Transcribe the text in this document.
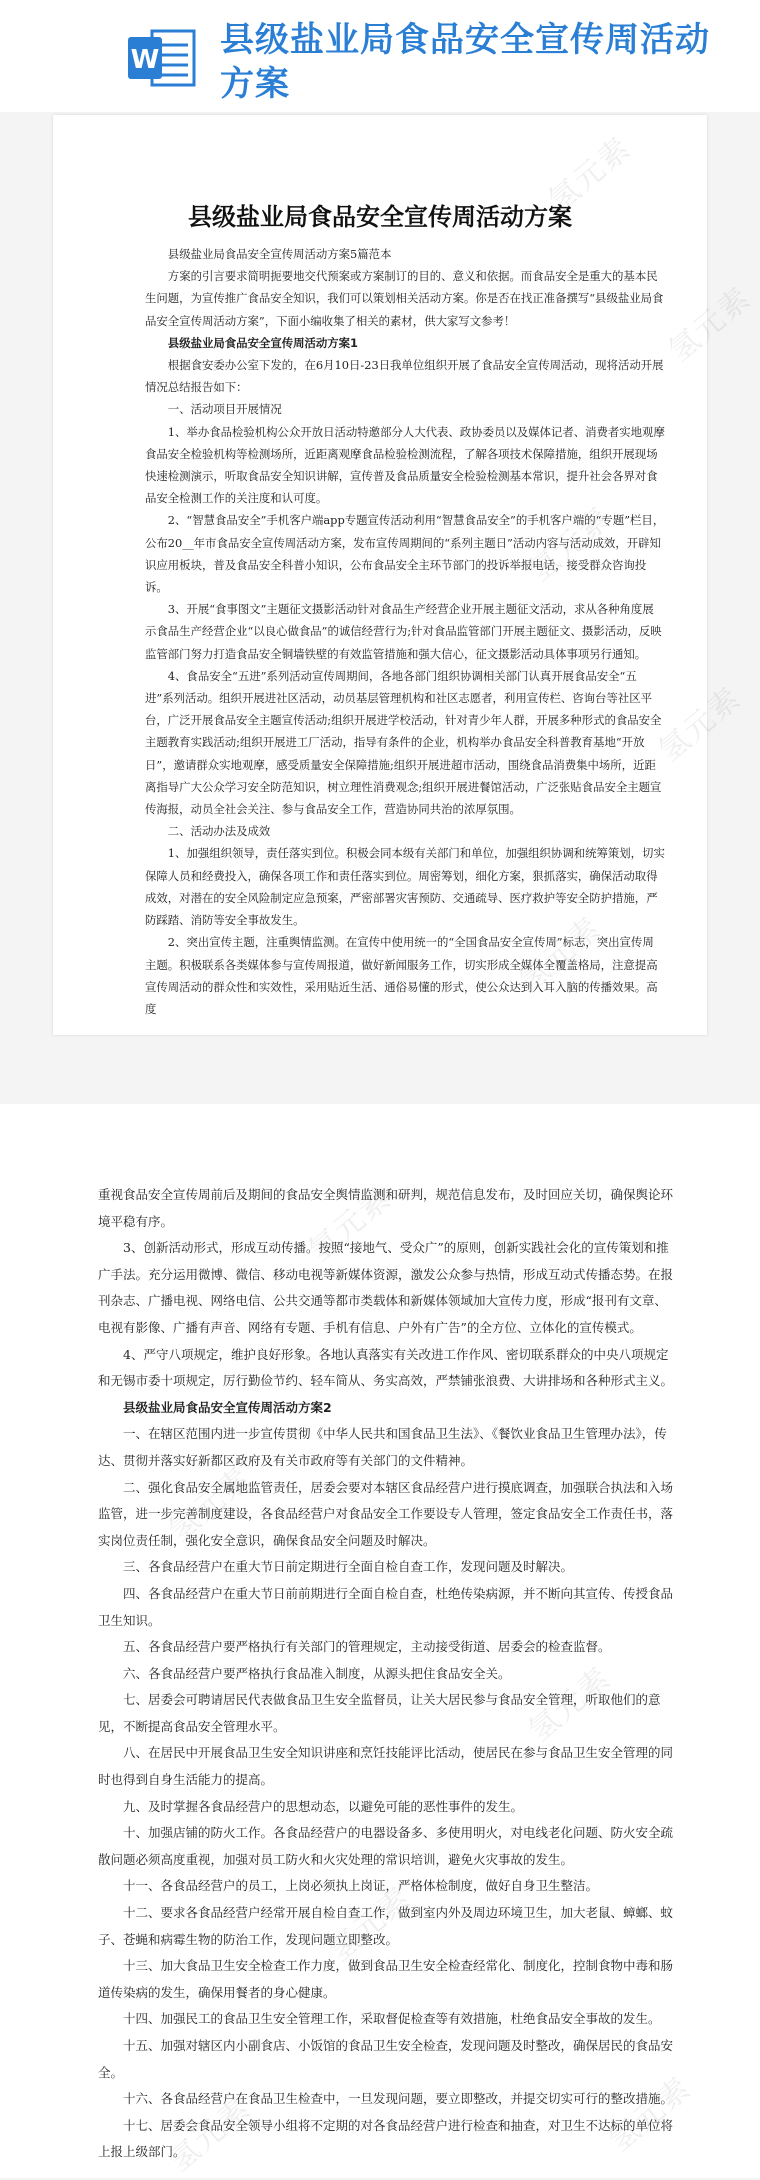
W 县级盐业局食品安全宣传周活动方案
县级盐业局食品安全宣传周活动方案

县级盐业局食品安全宣传周活动方案5篇范本

方案的引言要求简明扼要地交代预案或方案制订的目的、意义和依据。而食品安全是重大的基本民生问题，为宣传推广食品安全知识，我们可以策划相关活动方案。你是否在找正准备撰写“县级盐业局食品安全宣传周活动方案”，下面小编收集了相关的素材，供大家写文参考！

县级盐业局食品安全宣传周活动方案1

根据食安委办公室下发的，在6月10日-23日我单位组织开展了食品安全宣传周活动，现将活动开展情况总结报告如下：

一、活动项目开展情况

1、举办食品检验机构公众开放日活动特邀部分人大代表、政协委员以及媒体记者、消费者实地观摩食品安全检验机构等检测场所，近距离观摩食品检验检测流程，了解各项技术保障措施，组织开展现场快速检测演示，听取食品安全知识讲解，宣传普及食品质量安全检验检测基本常识，提升社会各界对食品安全检测工作的关注度和认可度。

2、“智慧食品安全”手机客户端app专题宣传活动利用“智慧食品安全”的手机客户端的“专题”栏目，公布20__年市食品安全宣传周活动方案，发布宣传周期间的“系列主题日”活动内容与活动成效，开辟知识应用板块，普及食品安全科普小知识，公布食品安全主环节部门的投诉举报电话，接受群众咨询投诉。

3、开展“食事图文”主题征文摄影活动针对食品生产经营企业开展主题征文活动，求从各种角度展示食品生产经营企业“以良心做食品”的诚信经营行为;针对食品监管部门开展主题征文、摄影活动，反映监管部门努力打造食品安全铜墙铁壁的有效监管措施和强大信心，征文摄影活动具体事项另行通知。

4、食品安全“五进”系列活动宣传周期间，各地各部门组织协调相关部门认真开展食品安全“五进”系列活动。组织开展进社区活动，动员基层管理机构和社区志愿者，利用宣传栏、咨询台等社区平台，广泛开展食品安全主题宣传活动;组织开展进学校活动，针对青少年人群，开展多种形式的食品安全主题教育实践活动;组织开展进工厂活动，指导有条件的企业，机构举办食品安全科普教育基地“开放日”，邀请群众实地观摩，感受质量安全保障措施;组织开展进超市活动，围绕食品消费集中场所，近距离指导广大公众学习安全防范知识，树立理性消费观念;组织开展进餐馆活动，广泛张贴食品安全主题宣传海报，动员全社会关注、参与食品安全工作，营造协同共治的浓厚氛围。

二、活动办法及成效

1、加强组织领导，责任落实到位。积极会同本级有关部门和单位，加强组织协调和统筹策划，切实保障人员和经费投入，确保各项工作和责任落实到位。周密筹划，细化方案，狠抓落实，确保活动取得成效，对潜在的安全风险制定应急预案，严密部署灾害预防、交通疏导、医疗救护等安全防护措施，严防踩踏、消防等安全事故发生。

2、突出宣传主题，注重舆情监测。在宣传中使用统一的“全国食品安全宣传周”标志，突出宣传周主题。积极联系各类媒体参与宣传周报道，做好新闻服务工作，切实形成全媒体全覆盖格局，注意提高宣传周活动的群众性和实效性，采用贴近生活、通俗易懂的形式，使公众达到入耳入脑的传播效果。高度

重视食品安全宣传周前后及期间的食品安全舆情监测和研判，规范信息发布，及时回应关切，确保舆论环境平稳有序。

3、创新活动形式，形成互动传播。按照“接地气、受众广”的原则，创新实践社会化的宣传策划和推广手法。充分运用微博、微信、移动电视等新媒体资源，激发公众参与热情，形成互动式传播态势。在报刊杂志、广播电视、网络电信、公共交通等都市类载体和新媒体领域加大宣传力度，形成“报刊有文章、电视有影像、广播有声音、网络有专题、手机有信息、户外有广告”的全方位、立体化的宣传模式。

4、严守八项规定，维护良好形象。各地认真落实有关改进工作作风、密切联系群众的中央八项规定和无锡市委十项规定，厉行勤俭节约、轻车简从、务实高效，严禁铺张浪费、大讲排场和各种形式主义。

县级盐业局食品安全宣传周活动方案2

一、在辖区范围内进一步宣传贯彻《中华人民共和国食品卫生法》、《餐饮业食品卫生管理办法》，传达、贯彻并落实好新都区政府及有关市政府等有关部门的文件精神。

二、强化食品安全属地监管责任，居委会要对本辖区食品经营户进行摸底调查，加强联合执法和入场监管，进一步完善制度建设，各食品经营户对食品安全工作要设专人管理，签定食品安全工作责任书，落实岗位责任制，强化安全意识，确保食品安全问题及时解决。

三、各食品经营户在重大节日前定期进行全面自检自查工作，发现问题及时解决。

四、各食品经营户在重大节日前前期进行全面自检自查，杜绝传染病源，并不断向其宣传、传授食品卫生知识。

五、各食品经营户要严格执行有关部门的管理规定，主动接受街道、居委会的检查监督。

六、各食品经营户要严格执行食品准入制度，从源头把住食品安全关。

七、居委会可聘请居民代表做食品卫生安全监督员，让关大居民参与食品安全管理，听取他们的意见，不断提高食品安全管理水平。

八、在居民中开展食品卫生安全知识讲座和烹饪技能评比活动，使居民在参与食品卫生安全管理的同时也得到自身生活能力的提高。

九、及时掌握各食品经营户的思想动态，以避免可能的恶性事件的发生。

十、加强店铺的防火工作。各食品经营户的电器设备多、多使用明火，对电线老化问题、防火安全疏散问题必须高度重视，加强对员工防火和火灾处理的常识培训，避免火灾事故的发生。

十一、各食品经营户的员工，上岗必须执上岗证，严格体检制度，做好自身卫生整洁。

十二、要求各食品经营户经常开展自检自查工作，做到室内外及周边环境卫生，加大老鼠、蟑螂、蚊子、苍蝇和病霉生物的防治工作，发现问题立即整改。

十三、加大食品卫生安全检查工作力度，做到食品卫生安全检查经常化、制度化，控制食物中毒和肠道传染病的发生，确保用餐者的身心健康。

十四、加强民工的食品卫生安全管理工作，采取督促检查等有效措施，杜绝食品安全事故的发生。

十五、加强对辖区内小副食店、小饭馆的食品卫生安全检查，发现问题及时整改，确保居民的食品安全。

十六、各食品经营户在食品卫生检查中，一旦发现问题，要立即整改，并提交切实可行的整改措施。

十七、居委会食品安全领导小组将不定期的对各食品经营户进行检查和抽查，对卫生不达标的单位将上报上级部门。

氢元素
氢元素
氢元素
氢元素
氢元素
氢元素
氢元素
氢元素
氢元素
氢元素	氢元素
